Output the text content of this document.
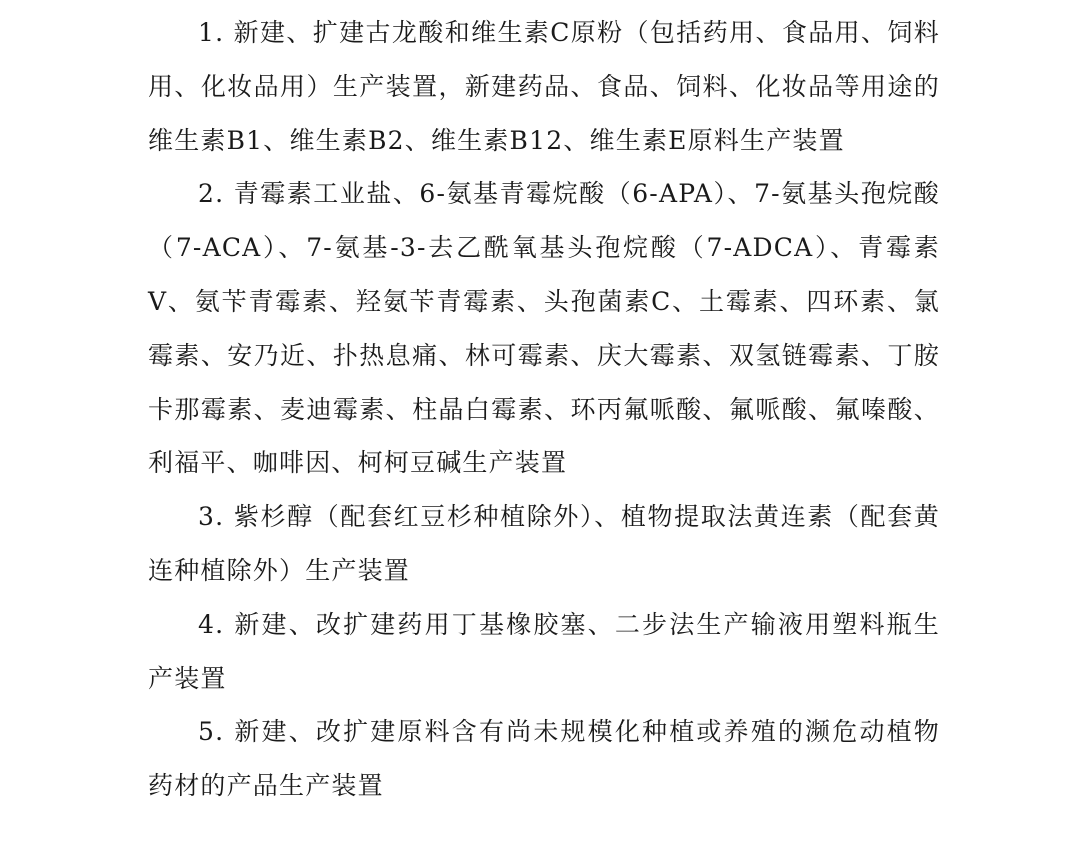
1. 新建、扩建古龙酸和维生素C原粉（包括药用、食品用、饲料用、化妆品用）生产装置，新建药品、食品、饲料、化妆品等用途的维生素B1、维生素B2、维生素B12、维生素E原料生产装置

2. 青霉素工业盐、6-氨基青霉烷酸（6-APA）、7-氨基头孢烷酸（7-ACA）、7-氨基-3-去乙酰氧基头孢烷酸（7-ADCA）、青霉素V、氨苄青霉素、羟氨苄青霉素、头孢菌素C、土霉素、四环素、氯霉素、安乃近、扑热息痛、林可霉素、庆大霉素、双氢链霉素、丁胺卡那霉素、麦迪霉素、柱晶白霉素、环丙氟哌酸、氟哌酸、氟嗪酸、利福平、咖啡因、柯柯豆碱生产装置

3. 紫杉醇（配套红豆杉种植除外）、植物提取法黄连素（配套黄连种植除外）生产装置

4. 新建、改扩建药用丁基橡胶塞、二步法生产输液用塑料瓶生产装置

5. 新建、改扩建原料含有尚未规模化种植或养殖的濒危动植物药材的产品生产装置
